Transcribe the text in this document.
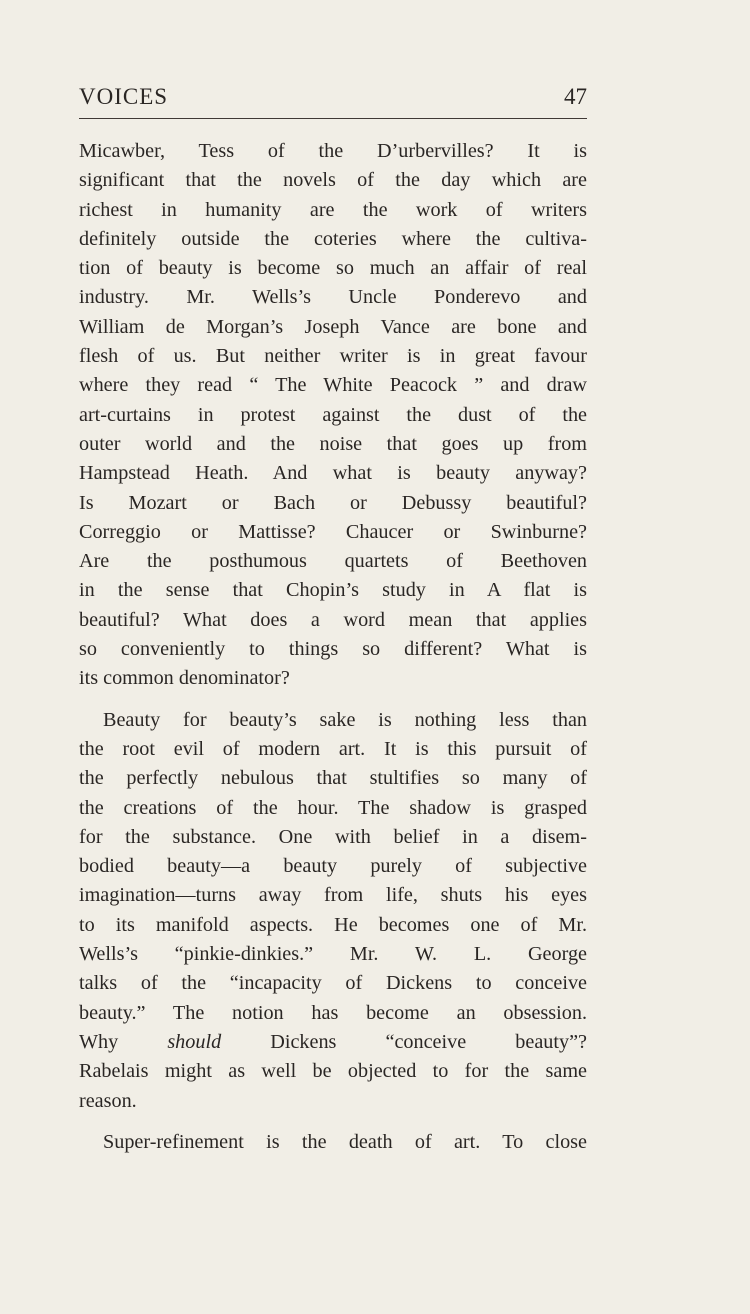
VOICES	47
Micawber, Tess of the D’urbervilles? It is
significant that the novels of the day which are
richest in humanity are the work of writers
definitely outside the coteries where the cultiva-
tion of beauty is become so much an affair of real
industry. Mr. Wells’s Uncle Ponderevo and
William de Morgan’s Joseph Vance are bone and
flesh of us. But neither writer is in great favour
where they read “ The White Peacock ” and draw
art-curtains in protest against the dust of the
outer world and the noise that goes up from
Hampstead Heath. And what is beauty anyway?
Is Mozart or Bach or Debussy beautiful?
Correggio or Mattisse? Chaucer or Swinburne?
Are the posthumous quartets of Beethoven
in the sense that Chopin’s study in A flat is
beautiful? What does a word mean that applies
so conveniently to things so different? What is
its common denominator?
Beauty for beauty’s sake is nothing less than
the root evil of modern art. It is this pursuit of
the perfectly nebulous that stultifies so many of
the creations of the hour. The shadow is grasped
for the substance. One with belief in a disem-
bodied beauty—a beauty purely of subjective
imagination—turns away from life, shuts his eyes
to its manifold aspects. He becomes one of Mr.
Wells’s “pinkie-dinkies.” Mr. W. L. George
talks of the “incapacity of Dickens to conceive
beauty.” The notion has become an obsession.
Why should Dickens “conceive beauty”?
Rabelais might as well be objected to for the same
reason.
Super-refinement is the death of art. To close
